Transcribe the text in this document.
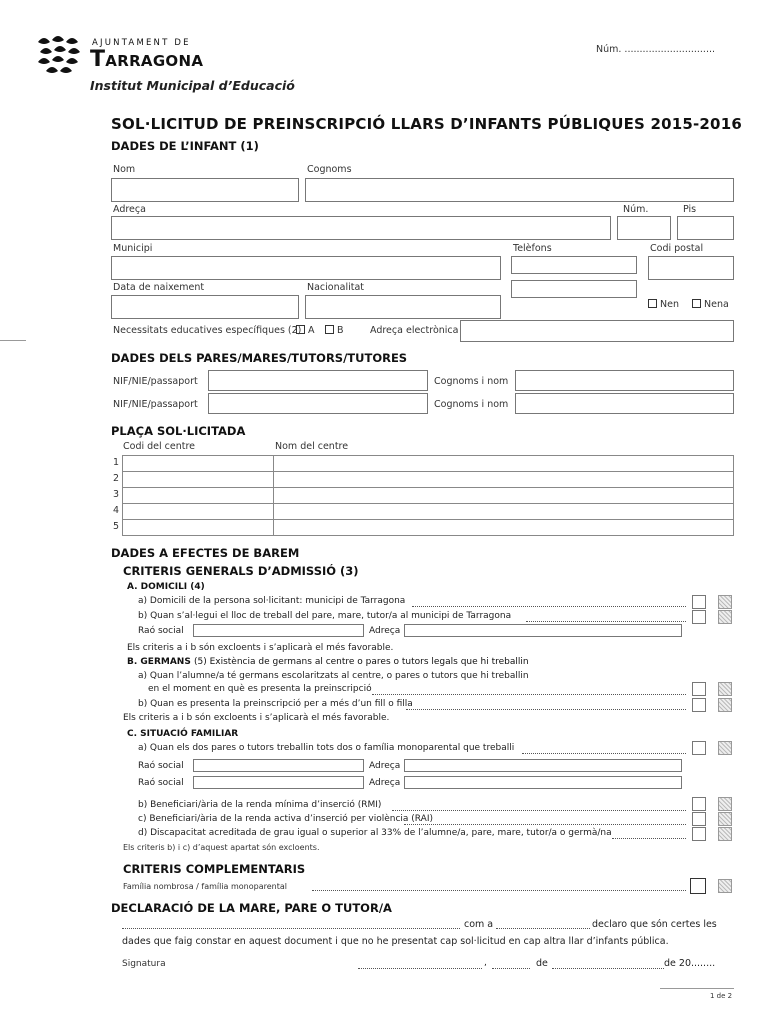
AJUNTAMENT DE
Tarragona
Institut Municipal d’Educació
Núm. ..............................
SOL·LICITUD DE PREINSCRIPCIÓ LLARS D’INFANTS PÚBLIQUES 2015-2016
DADES DE L’INFANT (1)
Nom	Cognoms
Adreça	Núm.	Pis
Municipi	Telèfons	Codi postal
Data de naixement	Nacionalitat
Nen	Nena
Necessitats educatives específiques (2) A	B	Adreça electrònica
DADES DELS PARES/MARES/TUTORS/TUTORES
NIF/NIE/passaport	Cognoms i nom
NIF/NIE/passaport	Cognoms i nom
PLAÇA SOL·LICITADA
Codi del centre	Nom del centre
1
2
3
4
5

DADES A EFECTES DE BAREM
CRITERIS GENERALS D’ADMISSIÓ (3)
A. DOMICILI (4)
a) Domicili de la persona sol·licitant: municipi de Tarragona
b) Quan s’al·legui el lloc de treball del pare, mare, tutor/a al municipi de Tarragona
Raó social	Adreça
Els criteris a i b són excloents i s’aplicarà el més favorable.
B. GERMANS (5) Existència de germans al centre o pares o tutors legals que hi treballin
a) Quan l’alumne/a té germans escolaritzats al centre, o pares o tutors que hi treballin
en el moment en què es presenta la preinscripció
b) Quan es presenta la preinscripció per a més d’un fill o filla
Els criteris a i b són excloents i s’aplicarà el més favorable.
C. SITUACIÓ FAMILIAR
a) Quan els dos pares o tutors treballin tots dos o família monoparental que treballi
Raó social	Adreça
Raó social	Adreça
b) Beneficiari/ària de la renda mínima d’inserció (RMI)
c) Beneficiari/ària de la renda activa d’inserció per violència (RAI)
d) Discapacitat acreditada de grau igual o superior al 33% de l’alumne/a, pare, mare, tutor/a o germà/na
Els criteris b) i c) d’aquest apartat són excloents.
CRITERIS COMPLEMENTARIS
Família nombrosa / família monoparental
DECLARACIÓ DE LA MARE, PARE O TUTOR/A
com a	declaro que són certes les
dades que faig constar en aquest document i que no he presentat cap sol·licitud en cap altra llar d’infants pública.
Signatura	,	de	de 20........
1 de 2
